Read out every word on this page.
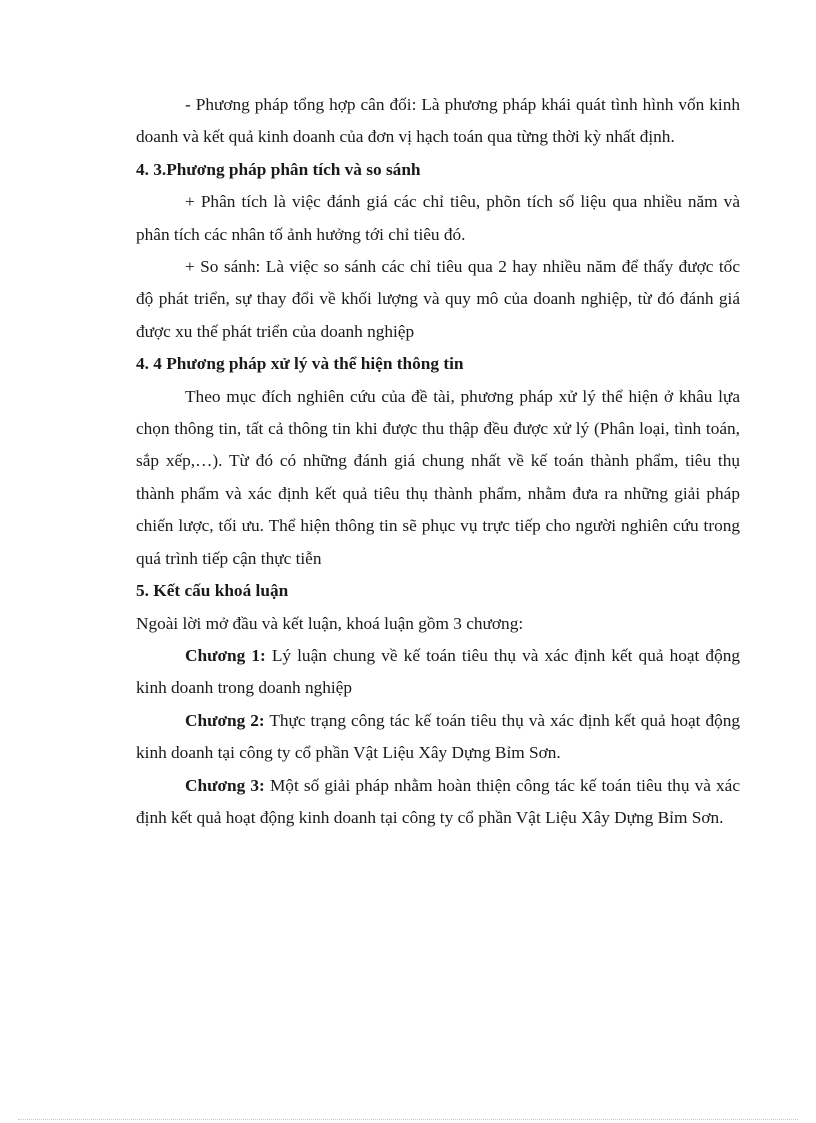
- Phương pháp tổng hợp cân đối: Là phương pháp khái quát tình hình vốn kinh doanh và kết quả kinh doanh của đơn vị hạch toán qua từng thời kỳ nhất định.

4. 3.Phương pháp phân tích và so sánh

+ Phân tích là việc đánh giá các chỉ tiêu, phõn tích số liệu qua nhiều năm và phân tích các nhân tố ảnh hưởng tới chỉ tiêu đó.

+ So sánh: Là việc so sánh các chỉ tiêu qua 2 hay nhiều năm để thấy được tốc độ phát triển, sự thay đổi về khối lượng và quy mô của doanh nghiệp, từ đó đánh giá được xu thế phát triển của doanh nghiệp

4. 4 Phương pháp xử lý và thể hiện thông tin

Theo mục đích nghiên cứu của đề tài, phương pháp xử lý thể hiện ở khâu lựa chọn thông tin, tất cả thông tin khi được thu thập đều được xử lý (Phân loại, tình toán, sắp xếp,…). Từ đó có những đánh giá chung nhất về kế toán thành phẩm, tiêu thụ thành phẩm và xác định kết quả tiêu thụ thành phẩm, nhằm đưa ra những giải pháp chiến lược, tối ưu. Thể hiện thông tin sẽ phục vụ trực tiếp cho người nghiên cứu trong quá trình tiếp cận thực tiễn

5. Kết cấu khoá luận

Ngoài lời mở đầu và kết luận, khoá luận gồm 3 chương:

Chương 1: Lý luận chung về kế toán tiêu thụ và xác định kết quả hoạt động kinh doanh trong doanh nghiệp

Chương 2: Thực trạng công tác kế toán tiêu thụ và xác định kết quả hoạt động kinh doanh tại công ty cổ phần Vật Liệu Xây Dựng Bỉm Sơn.

Chương 3: Một số giải pháp nhằm hoàn thiện công tác kế toán tiêu thụ và xác định kết quả hoạt động kinh doanh tại công ty cổ phần Vật Liệu Xây Dựng Bỉm Sơn.
